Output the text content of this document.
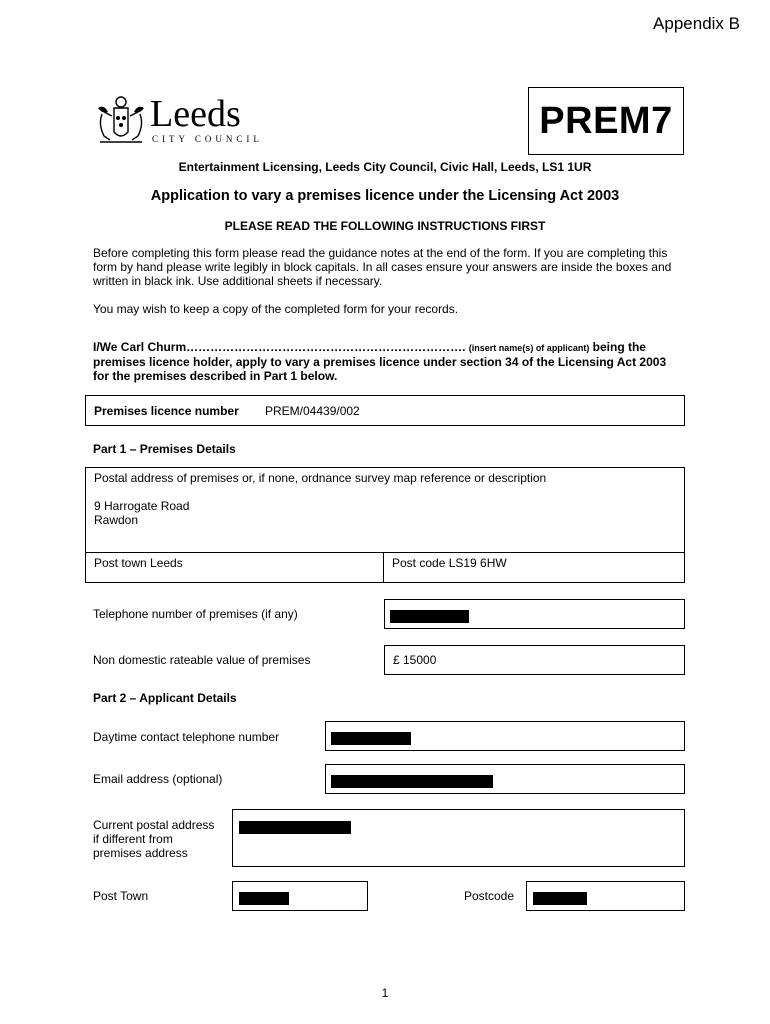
Appendix B
Leeds
CITY COUNCIL	PREM7
Entertainment Licensing, Leeds City Council, Civic Hall, Leeds, LS1 1UR
Application to vary a premises licence under the Licensing Act 2003
PLEASE READ THE FOLLOWING INSTRUCTIONS FIRST
Before completing this form please read the guidance notes at the end of the form. If you are completing this form by hand please write legibly in block capitals. In all cases ensure your answers are inside the boxes and written in black ink. Use additional sheets if necessary.
You may wish to keep a copy of the completed form for your records.
I/We Carl Churm……………………………………………………………. (insert name(s) of applicant) being the premises licence holder, apply to vary a premises licence under section 34 of the Licensing Act 2003 for the premises described in Part 1 below.
Premises licence number PREM/04439/002
Part 1 – Premises Details
Postal address of premises or, if none, ordnance survey map reference or description
9 Harrogate Road
Rawdon
Post town Leeds	Post code LS19 6HW
Telephone number of premises (if any)
Non domestic rateable value of premises	£ 15000
Part 2 – Applicant Details
Daytime contact telephone number
Email address (optional)
Current postal address
if different from
premises address
Post Town	Postcode
1
